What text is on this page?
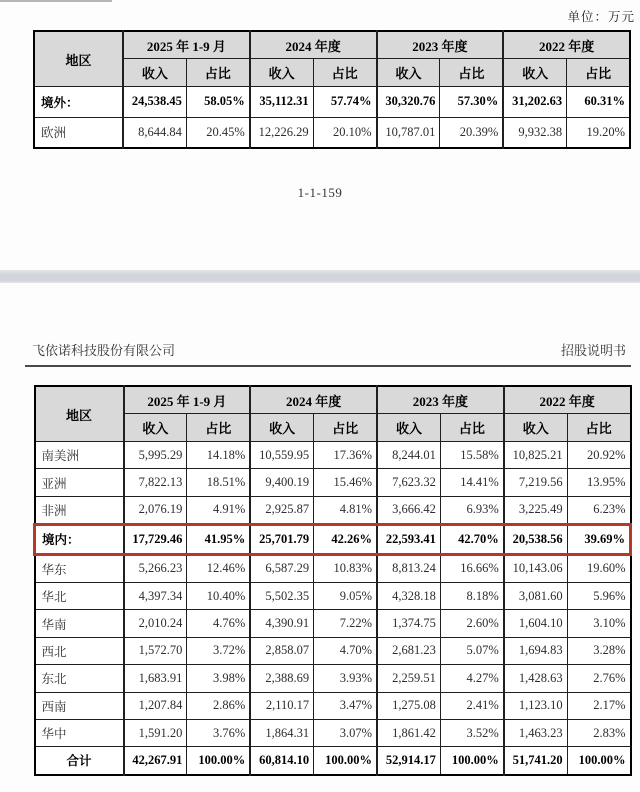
单位：万元
地区	2025 年 1-9 月		2024 年度		2023 年度		2022 年度	
	收入	占比	收入	占比	收入	占比	收入	占比
境外：	24,538.45	58.05%	35,112.31	57.74%	30,320.76	57.30%	31,202.63	60.31%
欧洲	8,644.84	20.45%	12,226.29	20.10%	10,787.01	20.39%	9,932.38	19.20%
1-1-159
飞依诺科技股份有限公司	招股说明书
地区	2025 年 1-9 月		2024 年度		2023 年度		2022 年度	
	收入	占比	收入	占比	收入	占比	收入	占比
南美洲	5,995.29	14.18%	10,559.95	17.36%	8,244.01	15.58%	10,825.21	20.92%
亚洲	7,822.13	18.51%	9,400.19	15.46%	7,623.32	14.41%	7,219.56	13.95%
非洲	2,076.19	4.91%	2,925.87	4.81%	3,666.42	6.93%	3,225.49	6.23%
境内：	17,729.46	41.95%	25,701.79	42.26%	22,593.41	42.70%	20,538.56	39.69%
华东	5,266.23	12.46%	6,587.29	10.83%	8,813.24	16.66%	10,143.06	19.60%
华北	4,397.34	10.40%	5,502.35	9.05%	4,328.18	8.18%	3,081.60	5.96%
华南	2,010.24	4.76%	4,390.91	7.22%	1,374.75	2.60%	1,604.10	3.10%
西北	1,572.70	3.72%	2,858.07	4.70%	2,681.23	5.07%	1,694.83	3.28%
东北	1,683.91	3.98%	2,388.69	3.93%	2,259.51	4.27%	1,428.63	2.76%
西南	1,207.84	2.86%	2,110.17	3.47%	1,275.08	2.41%	1,123.10	2.17%
华中	1,591.20	3.76%	1,864.31	3.07%	1,861.42	3.52%	1,463.23	2.83%
合计	42,267.91	100.00%	60,814.10	100.00%	52,914.17	100.00%	51,741.20	100.00%
